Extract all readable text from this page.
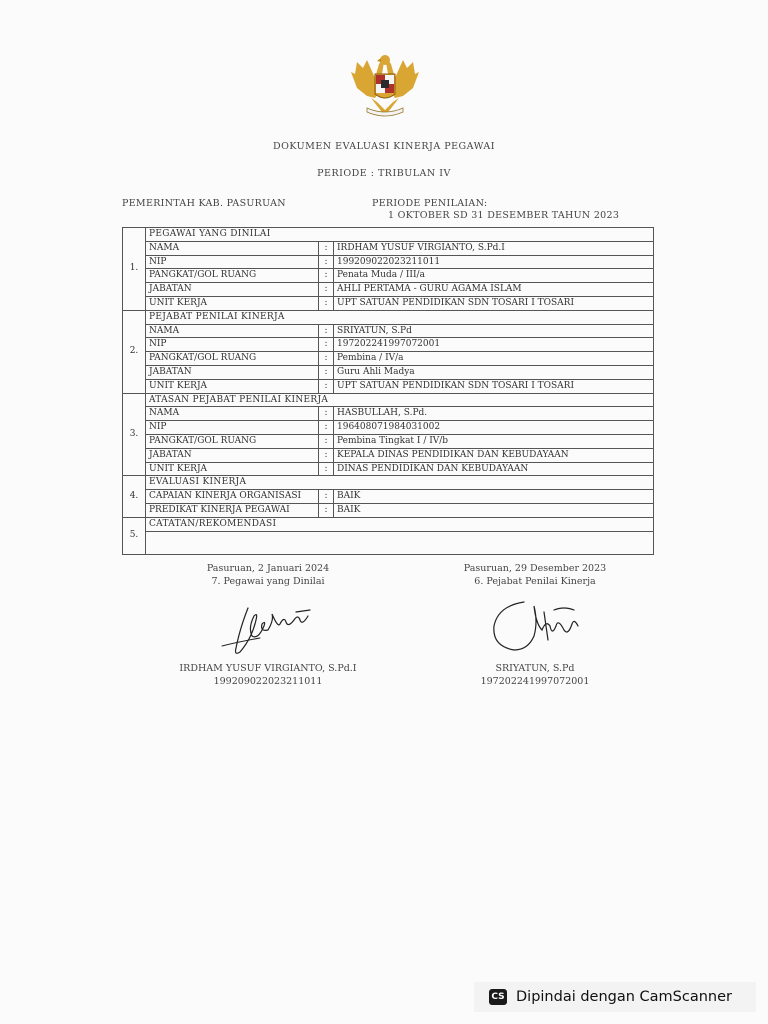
DOKUMEN EVALUASI KINERJA PEGAWAI
PERIODE : TRIBULAN IV
PEMERINTAH KAB. PASURUAN	PERIODE PENILAIAN:
1 OKTOBER SD 31 DESEMBER TAHUN 2023
1.	PEGAWAI YANG DINILAI		
	NAMA	:	IRDHAM YUSUF VIRGIANTO, S.Pd.I
	NIP	:	199209022023211011
	PANGKAT/GOL RUANG	:	Penata Muda / III/a
	JABATAN	:	AHLI PERTAMA - GURU AGAMA ISLAM
	UNIT KERJA	:	UPT SATUAN PENDIDIKAN SDN TOSARI I TOSARI
2.	PEJABAT PENILAI KINERJA		
	NAMA	:	SRIYATUN, S.Pd
	NIP	:	197202241997072001
	PANGKAT/GOL RUANG	:	Pembina / IV/a
	JABATAN	:	Guru Ahli Madya
	UNIT KERJA	:	UPT SATUAN PENDIDIKAN SDN TOSARI I TOSARI
3.	ATASAN PEJABAT PENILAI KINERJA		
	NAMA	:	HASBULLAH, S.Pd.
	NIP	:	196408071984031002
	PANGKAT/GOL RUANG	:	Pembina Tingkat I / IV/b
	JABATAN	:	KEPALA DINAS PENDIDIKAN DAN KEBUDAYAAN
	UNIT KERJA	:	DINAS PENDIDIKAN DAN KEBUDAYAAN
4.	EVALUASI KINERJA		
	CAPAIAN KINERJA ORGANISASI	:	BAIK
	PREDIKAT KINERJA PEGAWAI	:	BAIK
5.	CATATAN/REKOMENDASI		

Pasuruan, 2 Januari 2024
7. Pegawai yang Dinilai
IRDHAM YUSUF VIRGIANTO, S.Pd.I
199209022023211011
Pasuruan, 29 Desember 2023
6. Pejabat Penilai Kinerja
SRIYATUN, S.Pd
197202241997072001
CS Dipindai dengan CamScanner
